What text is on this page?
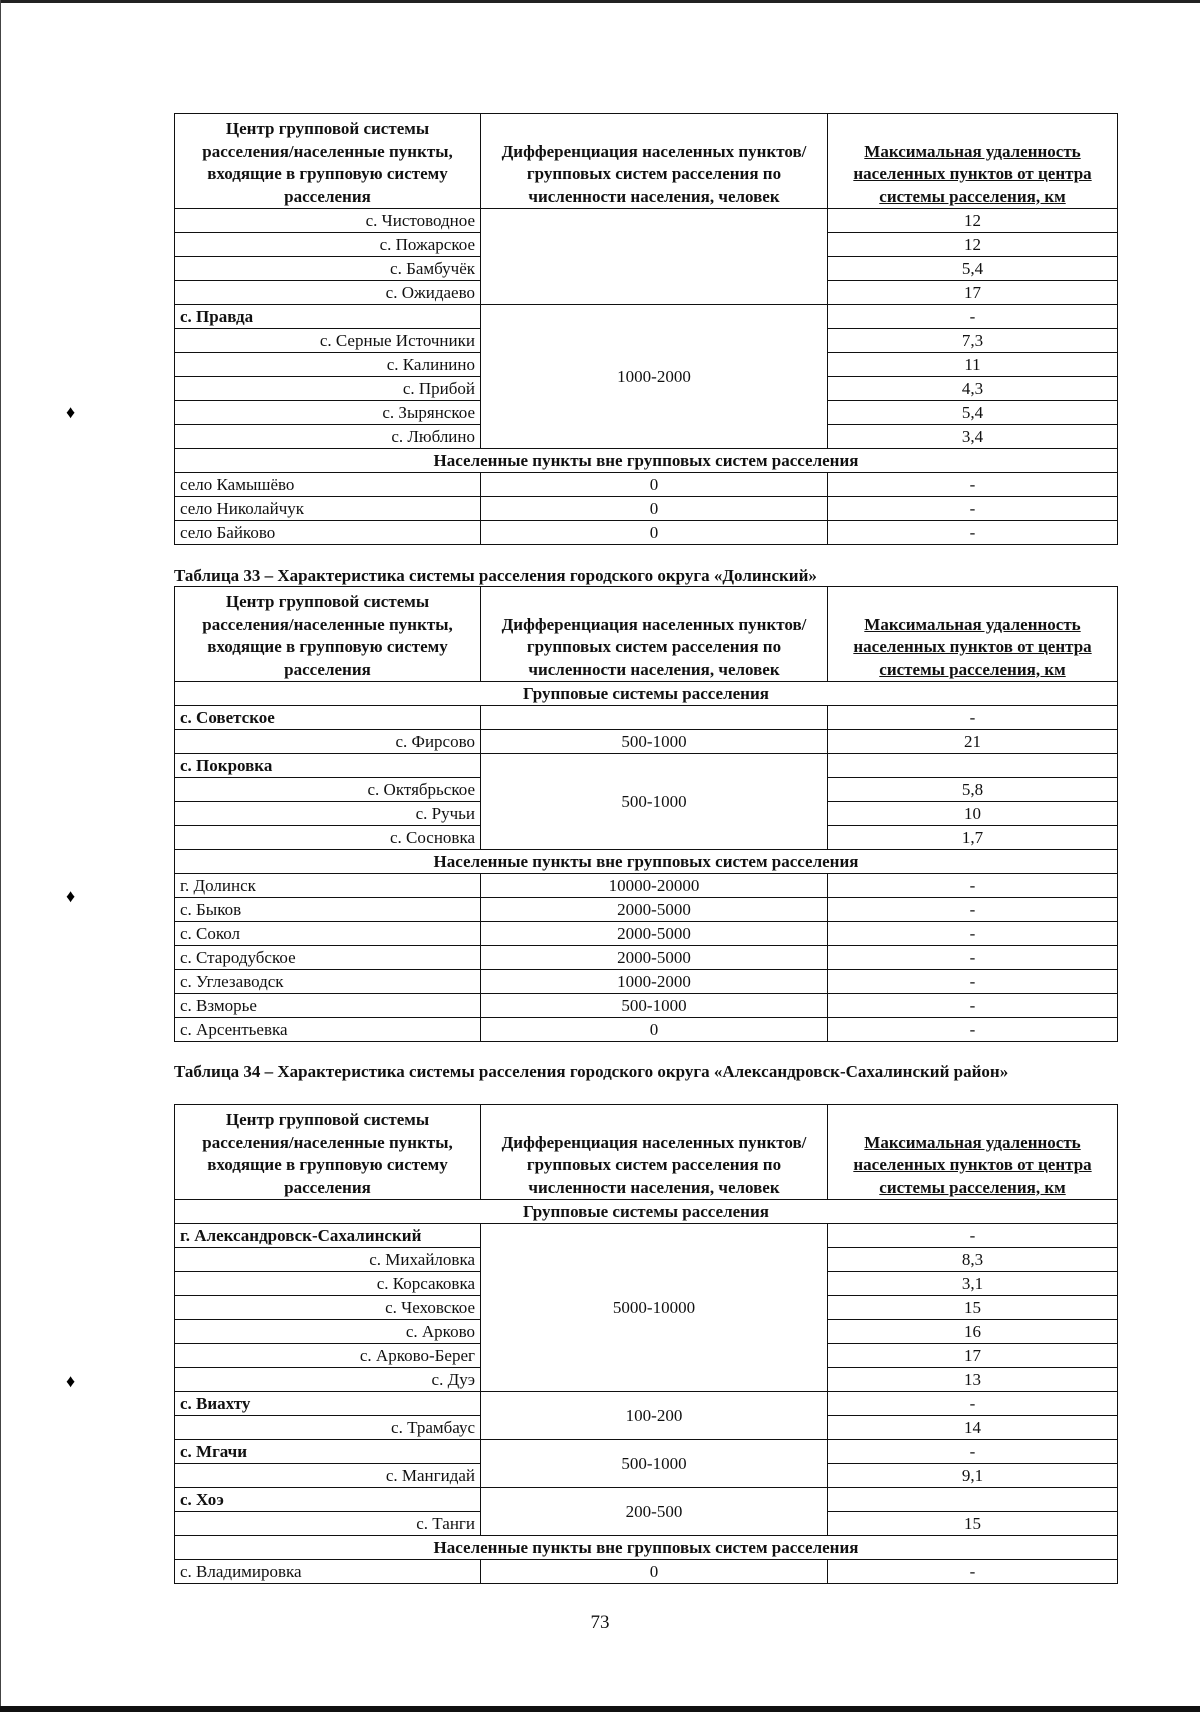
♦
♦
♦
Центр групповой системы расселения/населенные пункты, входящие в групповую систему расселения	Дифференциация населенных пунктов/групповых систем расселения по численности населения, человек	Максимальная удаленность населенных пунктов от центра системы расселения, км
с. Чистоводное		12
с. Пожарское		12
с. Бамбучёк		5,4
с. Ожидаево		17
с. Правда	1000-2000	-
с. Серные Источники		7,3
с. Калинино		11
с. Прибой		4,3
с. Зырянское		5,4
с. Люблино		3,4
Населенные пункты вне групповых систем расселения		
село Камышёво	0	-
село Николайчук	0	-
село Байково	0	-
Таблица 33 – Характеристика системы расселения городского округа «Долинский»
Центр групповой системы расселения/населенные пункты, входящие в групповую систему расселения	Дифференциация населенных пунктов/групповых систем расселения по численности населения, человек	Максимальная удаленность населенных пунктов от центра системы расселения, км
Групповые системы расселения		
с. Советское		-
с. Фирсово	500-1000	21
с. Покровка	500-1000	
с. Октябрьское		5,8
с. Ручьи		10
с. Сосновка		1,7
Населенные пункты вне групповых систем расселения		
г. Долинск	10000-20000	-
с. Быков	2000-5000	-
с. Сокол	2000-5000	-
с. Стародубское	2000-5000	-
с. Углезаводск	1000-2000	-
с. Взморье	500-1000	-
с. Арсентьевка	0	-
Таблица 34 – Характеристика системы расселения городского округа «Александровск-Сахалинский район»
Центр групповой системы расселения/населенные пункты, входящие в групповую систему расселения	Дифференциация населенных пунктов/групповых систем расселения по численности населения, человек	Максимальная удаленность населенных пунктов от центра системы расселения, км
Групповые системы расселения		
г. Александровск-Сахалинский	5000-10000	-
с. Михайловка		8,3
с. Корсаковка		3,1
с. Чеховское		15
с. Арково		16
с. Арково-Берег		17
с. Дуэ		13
с. Виахту	100-200	-
с. Трамбаус		14
с. Мгачи	500-1000	-
с. Мангидай		9,1
с. Хоэ	200-500	
с. Танги		15
Населенные пункты вне групповых систем расселения		
с. Владимировка	0	-
73
